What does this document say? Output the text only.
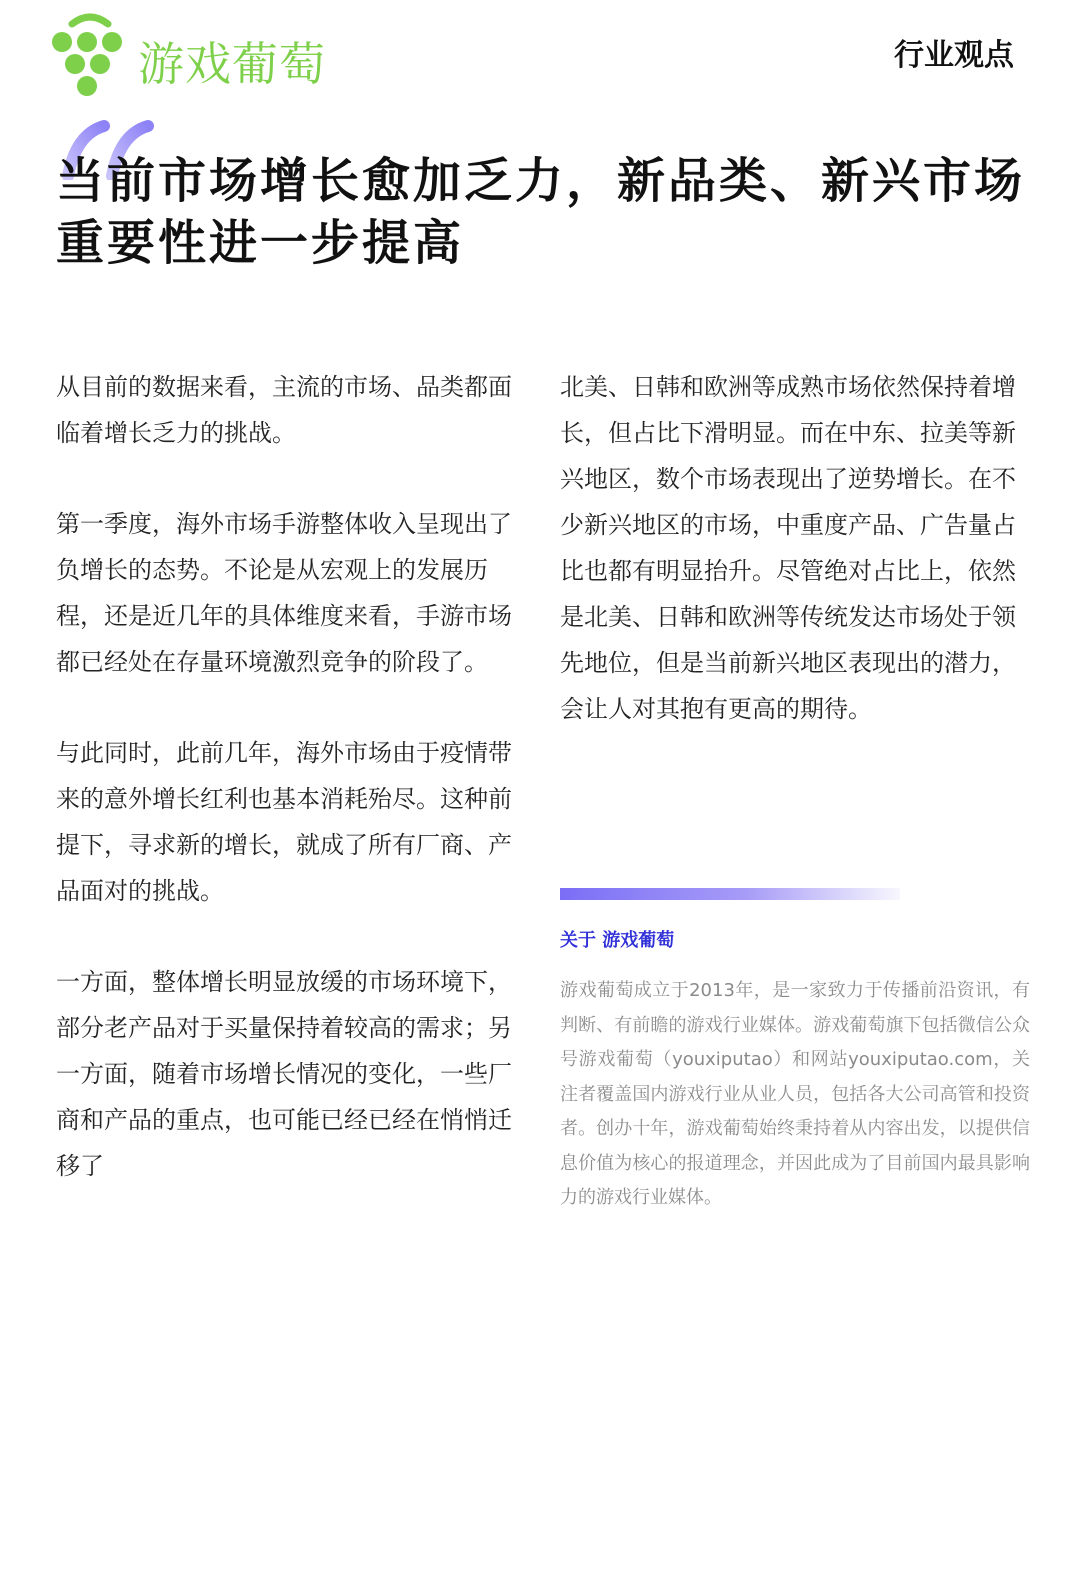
游戏葡萄	行业观点
当前市场增长愈加乏力，新品类、新兴市场重要性进一步提高

从目前的数据来看，主流的市场、品类都面临着增长乏力的挑战。

第一季度，海外市场手游整体收入呈现出了负增长的态势。不论是从宏观上的发展历程，还是近几年的具体维度来看，手游市场都已经处在存量环境激烈竞争的阶段了。

与此同时，此前几年，海外市场由于疫情带来的意外增长红利也基本消耗殆尽。这种前提下，寻求新的增长，就成了所有厂商、产品面对的挑战。

一方面，整体增长明显放缓的市场环境下，部分老产品对于买量保持着较高的需求；另一方面，随着市场增长情况的变化，一些厂商和产品的重点，也可能已经已经在悄悄迁移了

北美、日韩和欧洲等成熟市场依然保持着增长，但占比下滑明显。而在中东、拉美等新兴地区，数个市场表现出了逆势增长。在不少新兴地区的市场，中重度产品、广告量占比也都有明显抬升。尽管绝对占比上，依然是北美、日韩和欧洲等传统发达市场处于领先地位，但是当前新兴地区表现出的潜力，会让人对其抱有更高的期待。

关于 游戏葡萄
游戏葡萄成立于2013年，是一家致力于传播前沿资讯，有判断、有前瞻的游戏行业媒体。游戏葡萄旗下包括微信公众号游戏葡萄（youxiputao）和网站youxiputao.com，关注者覆盖国内游戏行业从业人员，包括各大公司高管和投资者。创办十年，游戏葡萄始终秉持着从内容出发，以提供信息价值为核心的报道理念，并因此成为了目前国内最具影响力的游戏行业媒体。
